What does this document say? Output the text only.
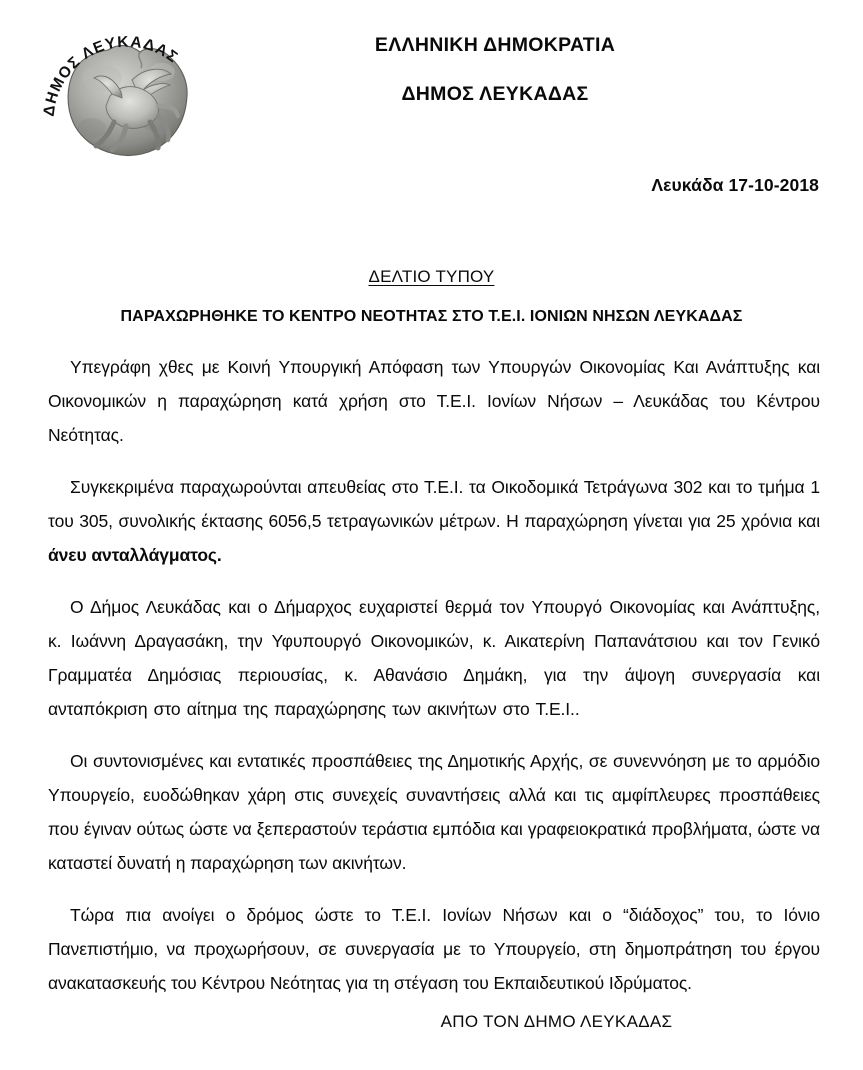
ΔΗΜΟΣ ΛΕΥΚΑΔΑΣ
ΕΛΛΗΝΙΚΗ ΔΗΜΟΚΡΑΤΙΑ
ΔΗΜΟΣ ΛΕΥΚΑΔΑΣ
Λευκάδα 17-10-2018
ΔΕΛΤΙΟ ΤΥΠΟΥ
ΠΑΡΑΧΩΡΗΘΗΚΕ ΤΟ ΚΕΝΤΡΟ ΝΕΟΤΗΤΑΣ ΣΤΟ Τ.Ε.Ι. ΙΟΝΙΩΝ ΝΗΣΩΝ ΛΕΥΚΑΔΑΣ

Υπεγράφη χθες με Κοινή Υπουργική Απόφαση των Υπουργών Οικονομίας Και Ανάπτυξης και Οικονομικών η παραχώρηση κατά χρήση στο Τ.Ε.Ι. Ιονίων Νήσων – Λευκάδας του Κέντρου Νεότητας.

Συγκεκριμένα παραχωρούνται απευθείας στο Τ.Ε.Ι. τα Οικοδομικά Τετράγωνα 302 και το τμήμα 1 του 305, συνολικής έκτασης 6056,5 τετραγωνικών μέτρων. Η παραχώρηση γίνεται για 25 χρόνια και άνευ ανταλλάγματος.

Ο Δήμος Λευκάδας και ο Δήμαρχος ευχαριστεί θερμά τον Υπουργό Οικονομίας και Ανάπτυξης, κ. Ιωάννη Δραγασάκη, την Υφυπουργό Οικονομικών, κ. Αικατερίνη Παπανάτσιου και τον Γενικό Γραμματέα Δημόσιας περιουσίας, κ. Αθανάσιο Δημάκη, για την άψογη συνεργασία και ανταπόκριση στο αίτημα της παραχώρησης των ακινήτων στο Τ.Ε.Ι..

Οι συντονισμένες και εντατικές προσπάθειες της Δημοτικής Αρχής, σε συνεννόηση με το αρμόδιο Υπουργείο, ευοδώθηκαν χάρη στις συνεχείς συναντήσεις αλλά και τις αμφίπλευρες προσπάθειες που έγιναν ούτως ώστε να ξεπεραστούν τεράστια εμπόδια και γραφειοκρατικά προβλήματα, ώστε να καταστεί δυνατή η παραχώρηση των ακινήτων.

Τώρα πια ανοίγει ο δρόμος ώστε το Τ.Ε.Ι. Ιονίων Νήσων και ο “διάδοχος” του, το Ιόνιο Πανεπιστήμιο, να προχωρήσουν, σε συνεργασία με το Υπουργείο, στη δημοπράτηση του έργου ανακατασκευής του Κέντρου Νεότητας για τη στέγαση του Εκπαιδευτικού Ιδρύματος.

ΑΠΟ ΤΟΝ ΔΗΜΟ ΛΕΥΚΑΔΑΣ
